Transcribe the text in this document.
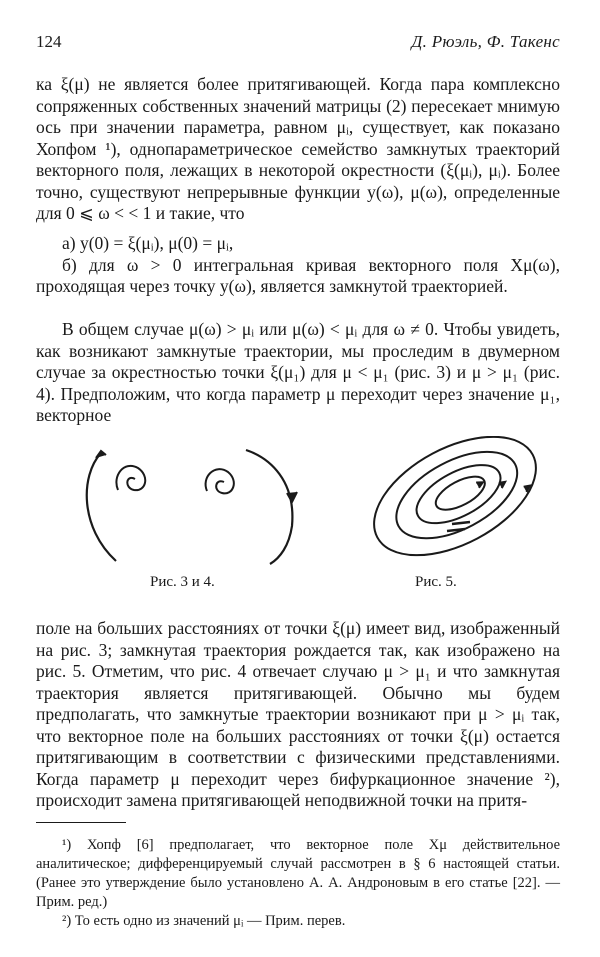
124	Д. Рюэль, Ф. Такенс

ка ξ(μ) не является более притягивающей. Когда пара комплексно сопряженных собственных значений матрицы (2) пересекает мнимую ось при значении параметра, равном μᵢ, существует, как показано Хопфом ¹), однопараметрическое семейство замкнутых траекторий векторного поля, лежащих в некоторой окрестности (ξ(μᵢ), μᵢ). Более точно, существуют непрерывные функции y(ω), μ(ω), определенные для 0 ⩽ ω < < 1 и такие, что

а) y(0) = ξ(μᵢ), μ(0) = μᵢ,

б) для ω > 0 интегральная кривая векторного поля Xμ(ω), проходящая через точку y(ω), является замкнутой траекторией.

В общем случае μ(ω) > μᵢ или μ(ω) < μᵢ для ω ≠ 0. Чтобы увидеть, как возникают замкнутые траектории, мы проследим в двумерном случае за окрестностью точки ξ(μ₁) для μ < μ₁ (рис. 3) и μ > μ₁ (рис. 4). Предположим, что когда параметр μ переходит через значение μ₁, векторное

Рис. 3 и 4.	Рис. 5.

поле на больших расстояниях от точки ξ(μ) имеет вид, изображенный на рис. 3; замкнутая траектория рождается так, как изображено на рис. 5. Отметим, что рис. 4 отвечает случаю μ > μ₁ и что замкнутая траектория является притягивающей. Обычно мы будем предполагать, что замкнутые траектории возникают при μ > μᵢ так, что векторное поле на больших расстояниях от точки ξ(μ) остается притягивающим в соответствии с физическими представлениями. Когда параметр μ переходит через бифуркационное значение ²), происходит замена притягивающей неподвижной точки на притя-

¹) Хопф [6] предполагает, что векторное поле Xμ действительное аналитическое; дифференцируемый случай рассмотрен в § 6 настоящей статьи. (Ранее это утверждение было установлено А. А. Андроновым в его статье [22]. — Прим. ред.)

²) То есть одно из значений μᵢ — Прим. перев.
